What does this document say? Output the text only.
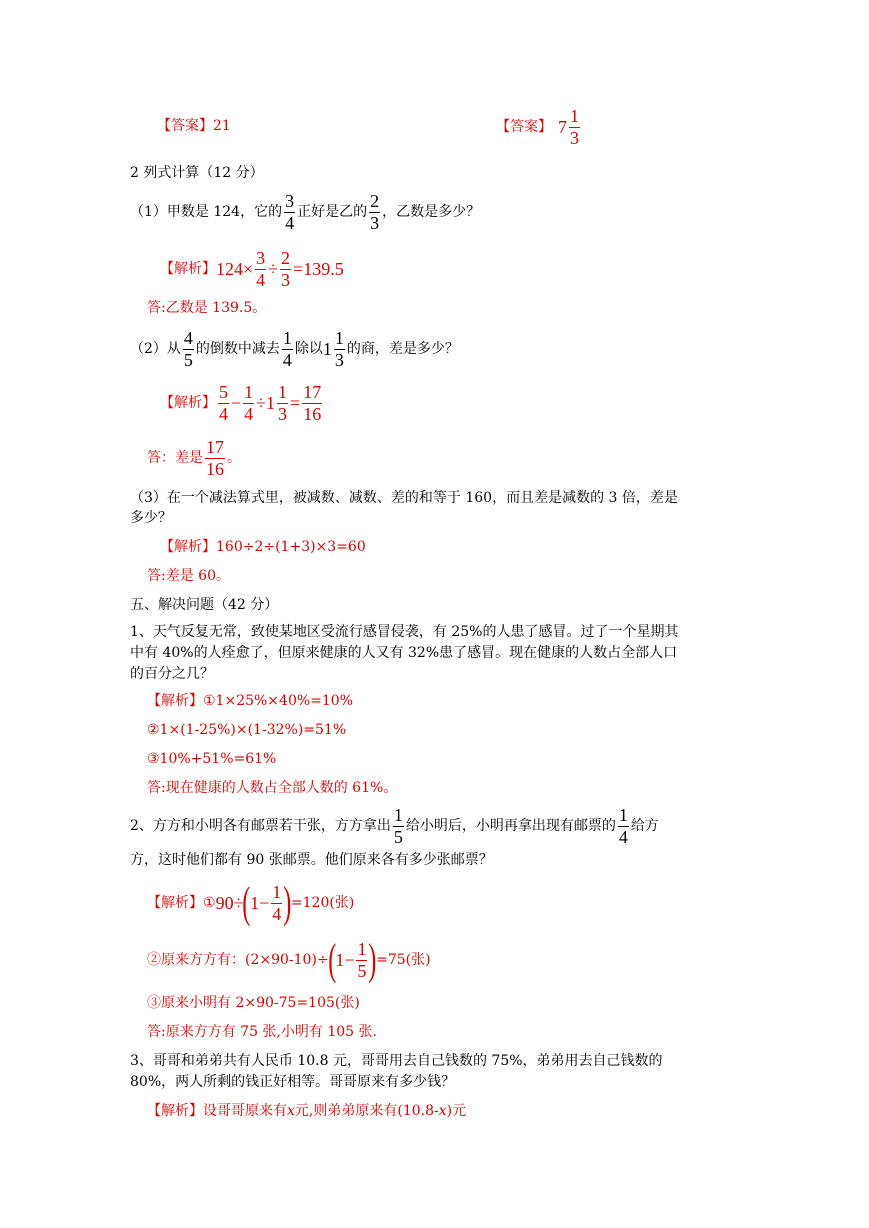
【答案】 21	【答案】 $7 \frac{1}{3}$
2 列式计算（12 分）
（1）甲数是 124，它的 $\frac{3}{4}$ 正好是乙的 $\frac{2}{3}$ ，乙数是多少？
【解析】 $124\times \frac{3}{4} \div \frac{2}{3} =139.5$
答:乙数是 139.5。
（2）从 $\frac{4}{5}$ 的倒数中减去 $\frac{1}{4}$ 除以 $1 \frac{1}{3}$ 的商，差是多少？
【解析】 $\frac{5}{4} - \frac{1}{4} \div 1 \frac{1}{3} = \frac{17}{16}$
答：差是 $\frac{17}{16}$ 。
（3）在一个减法算式里，被减数、减数、差的和等于 160，而且差是减数的 3 倍，差是
多少？
【解析】 160÷2÷(1+3)×3=60
答:差是 60。
五、解决问题（42 分）
1、天气反复无常，致使某地区受流行感冒侵袭，有 25%的人患了感冒。过了一个星期其
中有 40%的人痊愈了，但原来健康的人又有 32%患了感冒。现在健康的人数占全部人口
的百分之几？
【解析】 ①1×25%×40%=10%
②1×(1-25%)×(1-32%)=51%
③10%+51%=61%
答:现在健康的人数占全部人数的 61%。
2、方方和小明各有邮票若干张，方方拿出 $\frac{1}{5}$ 给小明后，小明再拿出现有邮票的 $\frac{1}{4}$ 给方
方，这时他们都有 90 张邮票。他们原来各有多少张邮票？
【解析】 ① 90÷ ( $1- \frac{1}{4}$ ) =120(张)
②原来方方有：(2×90-10)÷ ( $1- \frac{1}{5}$ ) =75(张)
③原来小明有 2×90-75=105(张)
答:原来方方有 75 张,小明有 105 张.
3、哥哥和弟弟共有人民币 10.8 元，哥哥用去自己钱数的 75%，弟弟用去自己钱数的
80%，两人所剩的钱正好相等。哥哥原来有多少钱？
【解析】 设哥哥原来有 x 元,则弟弟原来有(10.8- x )元
